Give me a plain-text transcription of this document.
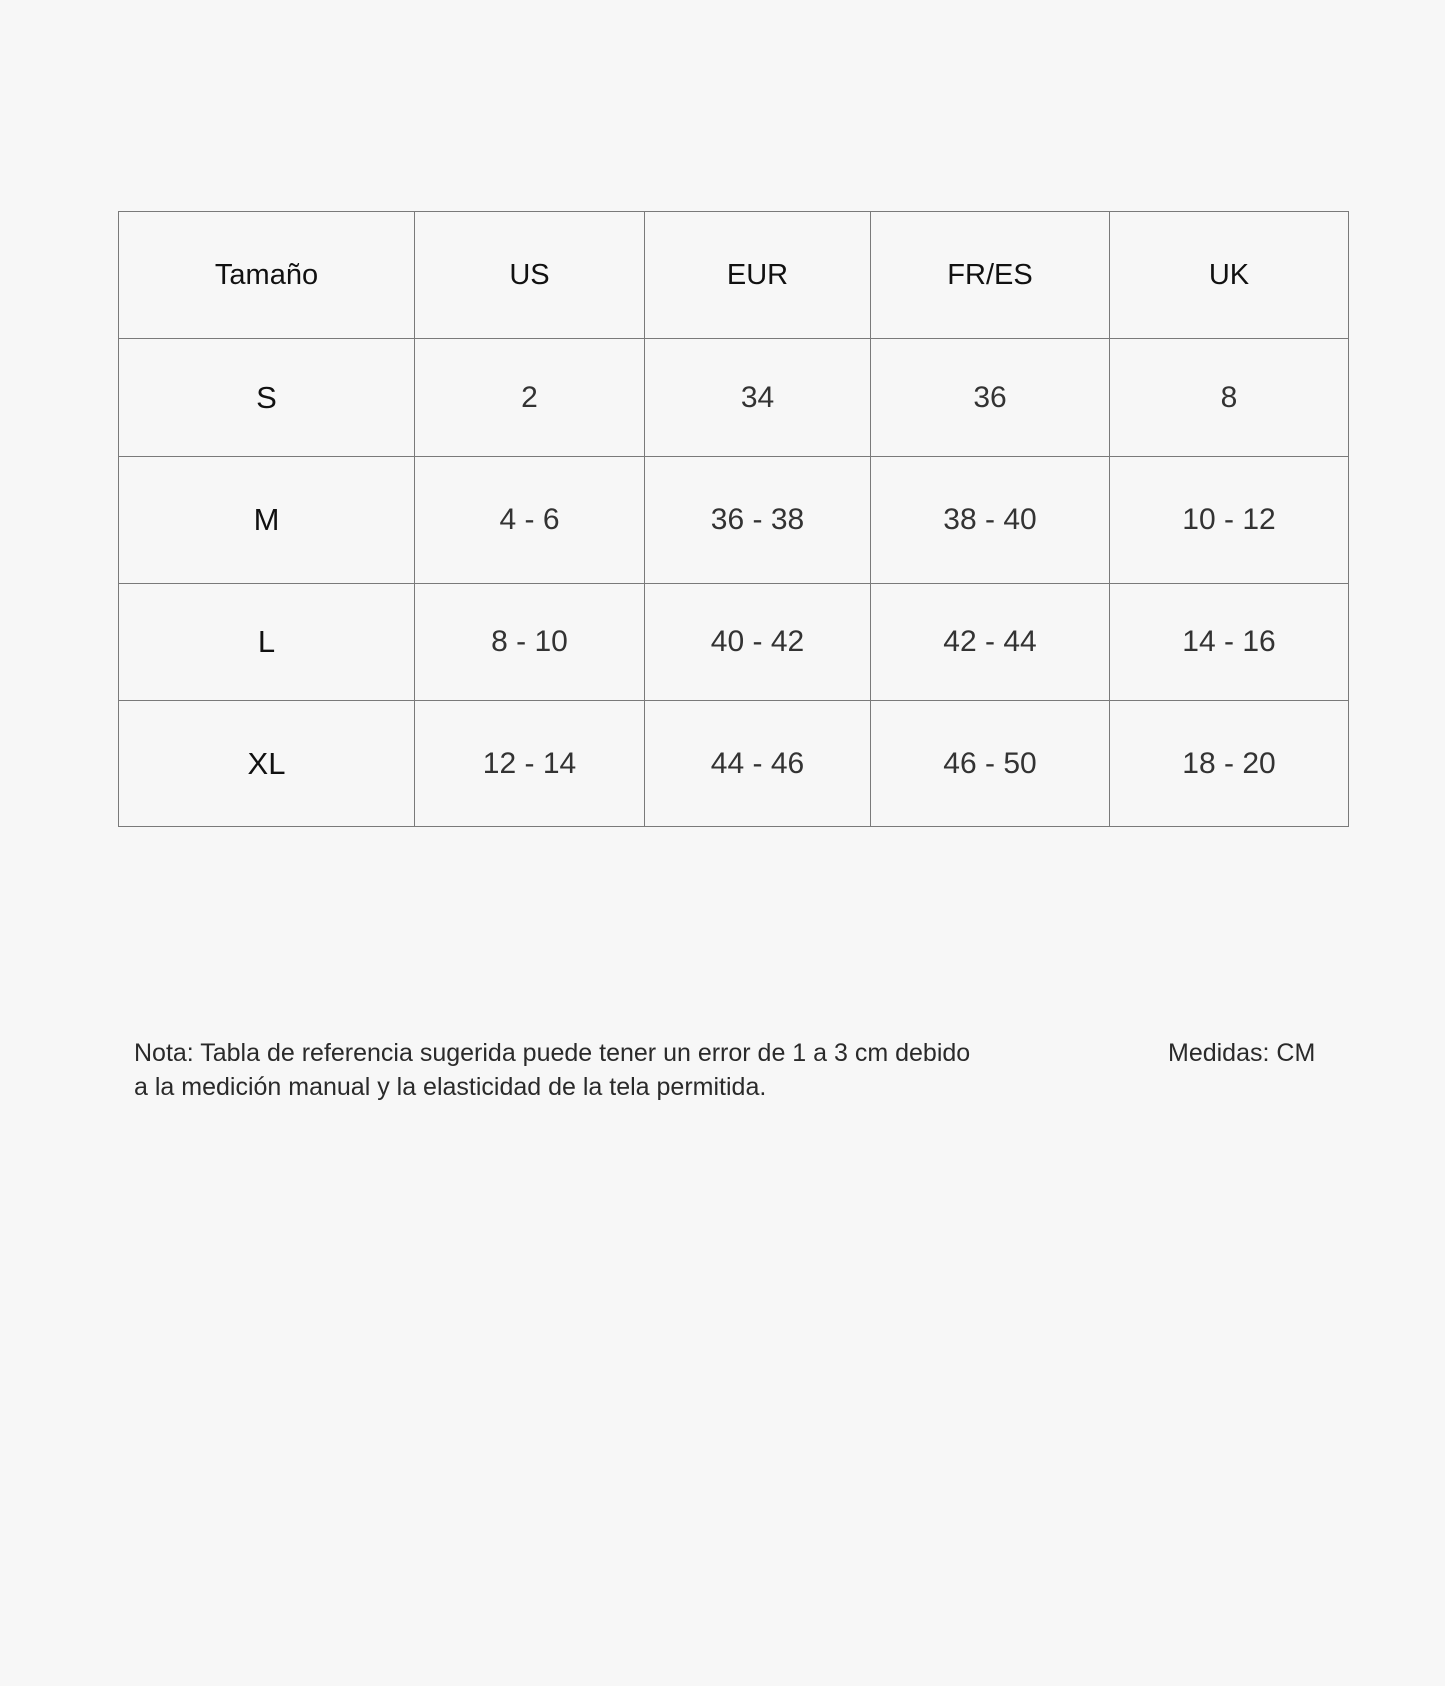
Tamaño	US	EUR	FR/ES	UK
S	2	34	36	8
M	4 - 6	36 - 38	38 - 40	10 - 12
L	8 - 10	40 - 42	42 - 44	14 - 16
XL	12 - 14	44 - 46	46 - 50	18 - 20
Nota: Tabla de referencia sugerida puede tener un error de 1 a 3 cm debido
a la medición manual y la elasticidad de la tela permitida.
Medidas: CM
